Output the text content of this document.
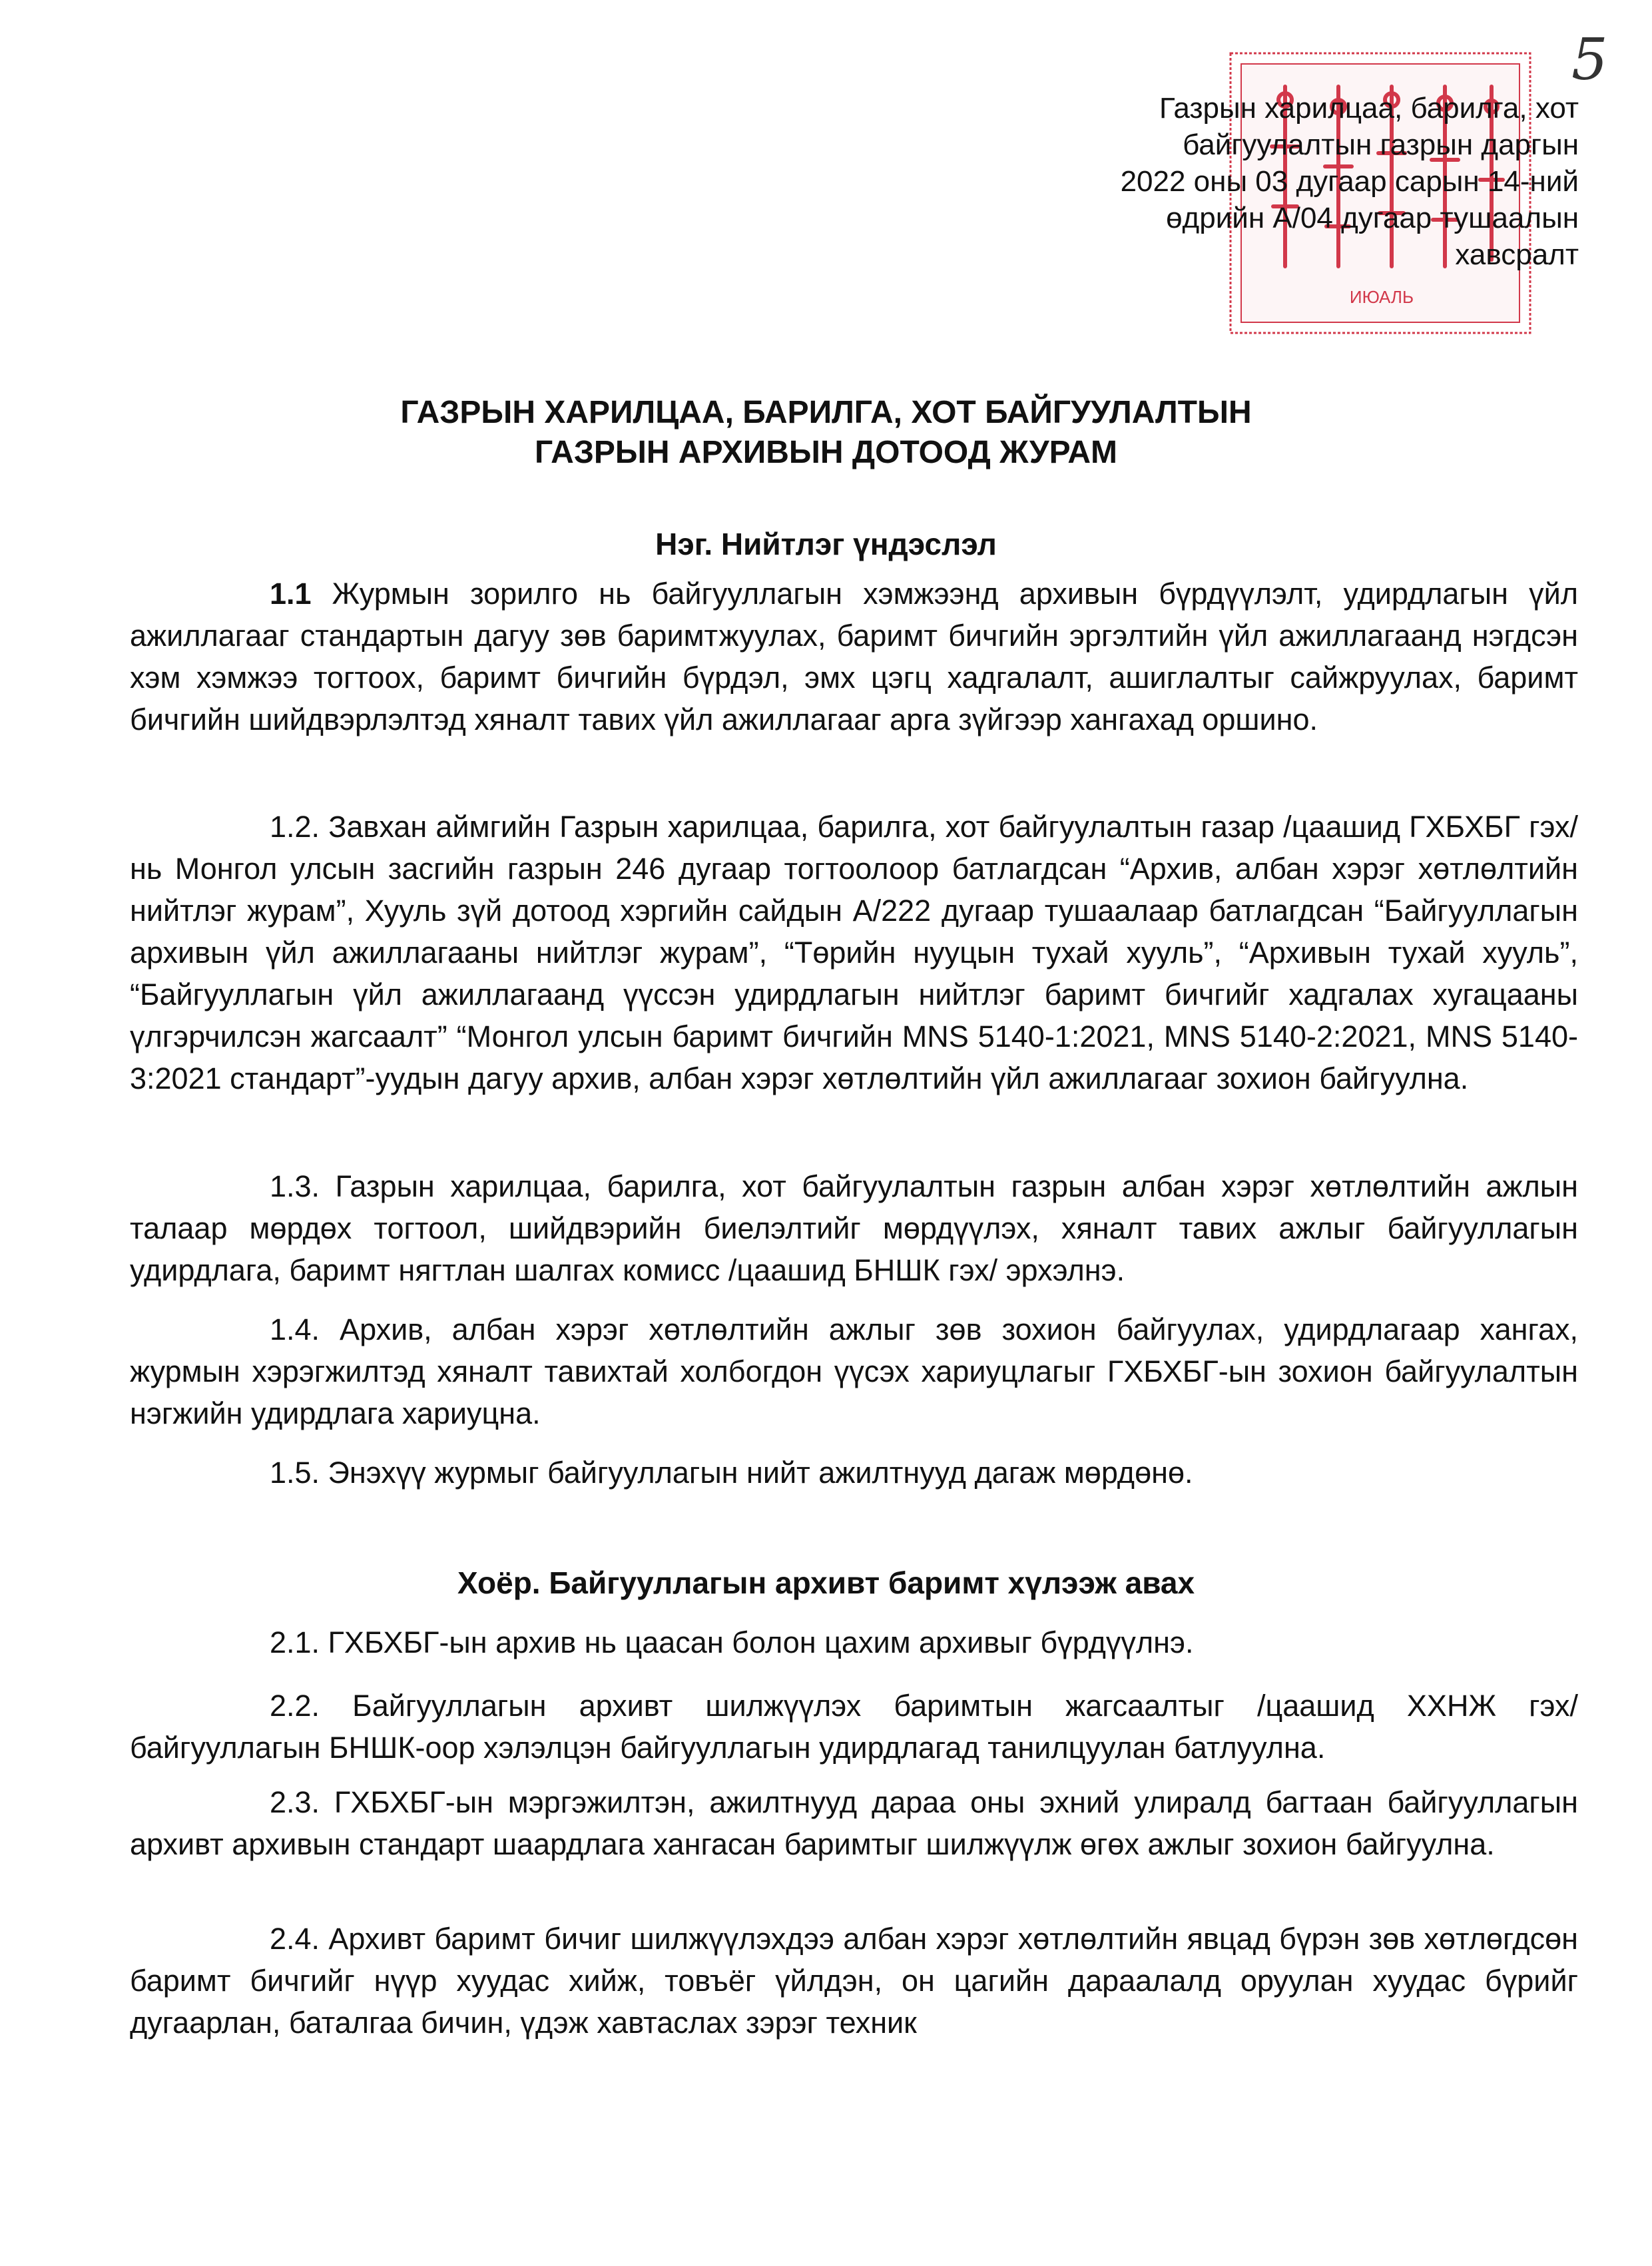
5
ИЮАЛЬ
Газрын харилцаа, барилга, хот
байгуулалтын газрын даргын
2022 оны 03 дугаар сарын 14-ний
өдрийн А/04 дугаар тушаалын
хавсралт
ГАЗРЫН ХАРИЛЦАА, БАРИЛГА, ХОТ БАЙГУУЛАЛТЫН
ГАЗРЫН АРХИВЫН ДОТООД ЖУРАМ
Нэг. Нийтлэг үндэслэл
1.1 Журмын зорилго нь байгууллагын хэмжээнд архивын бүрдүүлэлт, удирдлагын үйл ажиллагааг стандартын дагуу зөв баримтжуулах, баримт бичгийн эргэлтийн үйл ажиллагаанд нэгдсэн хэм хэмжээ тогтоох, баримт бичгийн бүрдэл, эмх цэгц хадгалалт, ашиглалтыг сайжруулах, баримт бичгийн шийдвэрлэлтэд хяналт тавих үйл ажиллагааг арга зүйгээр хангахад оршино.
1.2. Завхан аймгийн Газрын харилцаа, барилга, хот байгуулалтын газар /цаашид ГХБХБГ гэх/ нь Монгол улсын засгийн газрын 246 дугаар тогтоолоор батлагдсан “Архив, албан хэрэг хөтлөлтийн нийтлэг журам”, Хууль зүй дотоод хэргийн сайдын А/222 дугаар тушаалаар батлагдсан “Байгууллагын архивын үйл ажиллагааны нийтлэг журам”, “Төрийн нууцын тухай хууль”, “Архивын тухай хууль”, “Байгууллагын үйл ажиллагаанд үүссэн удирдлагын нийтлэг баримт бичгийг хадгалах хугацааны үлгэрчилсэн жагсаалт” “Монгол улсын баримт бичгийн MNS 5140-1:2021, MNS 5140-2:2021, MNS 5140-3:2021 стандарт”-уудын дагуу архив, албан хэрэг хөтлөлтийн үйл ажиллагааг зохион байгуулна.
1.3. Газрын харилцаа, барилга, хот байгуулалтын газрын албан хэрэг хөтлөлтийн ажлын талаар мөрдөх тогтоол, шийдвэрийн биелэлтийг мөрдүүлэх, хяналт тавих ажлыг байгууллагын удирдлага, баримт нягтлан шалгах комисс /цаашид БНШК гэх/ эрхэлнэ.
1.4. Архив, албан хэрэг хөтлөлтийн ажлыг зөв зохион байгуулах, удирдлагаар хангах, журмын хэрэгжилтэд хяналт тавихтай холбогдон үүсэх хариуцлагыг ГХБХБГ-ын зохион байгуулалтын нэгжийн удирдлага хариуцна.
1.5. Энэхүү журмыг байгууллагын нийт ажилтнууд дагаж мөрдөнө.
Хоёр. Байгууллагын архивт баримт хүлээж авах
2.1. ГХБХБГ-ын архив нь цаасан болон цахим архивыг бүрдүүлнэ.
2.2. Байгууллагын архивт шилжүүлэх баримтын жагсаалтыг /цаашид ХХНЖ гэх/ байгууллагын БНШК-оор хэлэлцэн байгууллагын удирдлагад танилцуулан батлуулна.
2.3. ГХБХБГ-ын мэргэжилтэн, ажилтнууд дараа оны эхний улиралд багтаан байгууллагын архивт архивын стандарт шаардлага хангасан баримтыг шилжүүлж өгөх ажлыг зохион байгуулна.
2.4. Архивт баримт бичиг шилжүүлэхдээ албан хэрэг хөтлөлтийн явцад бүрэн зөв хөтлөгдсөн баримт бичгийг нүүр хуудас хийж, товъёг үйлдэн, он цагийн дараалалд оруулан хуудас бүрийг дугаарлан, баталгаа бичин, үдэж хавтаслах зэрэг техник
